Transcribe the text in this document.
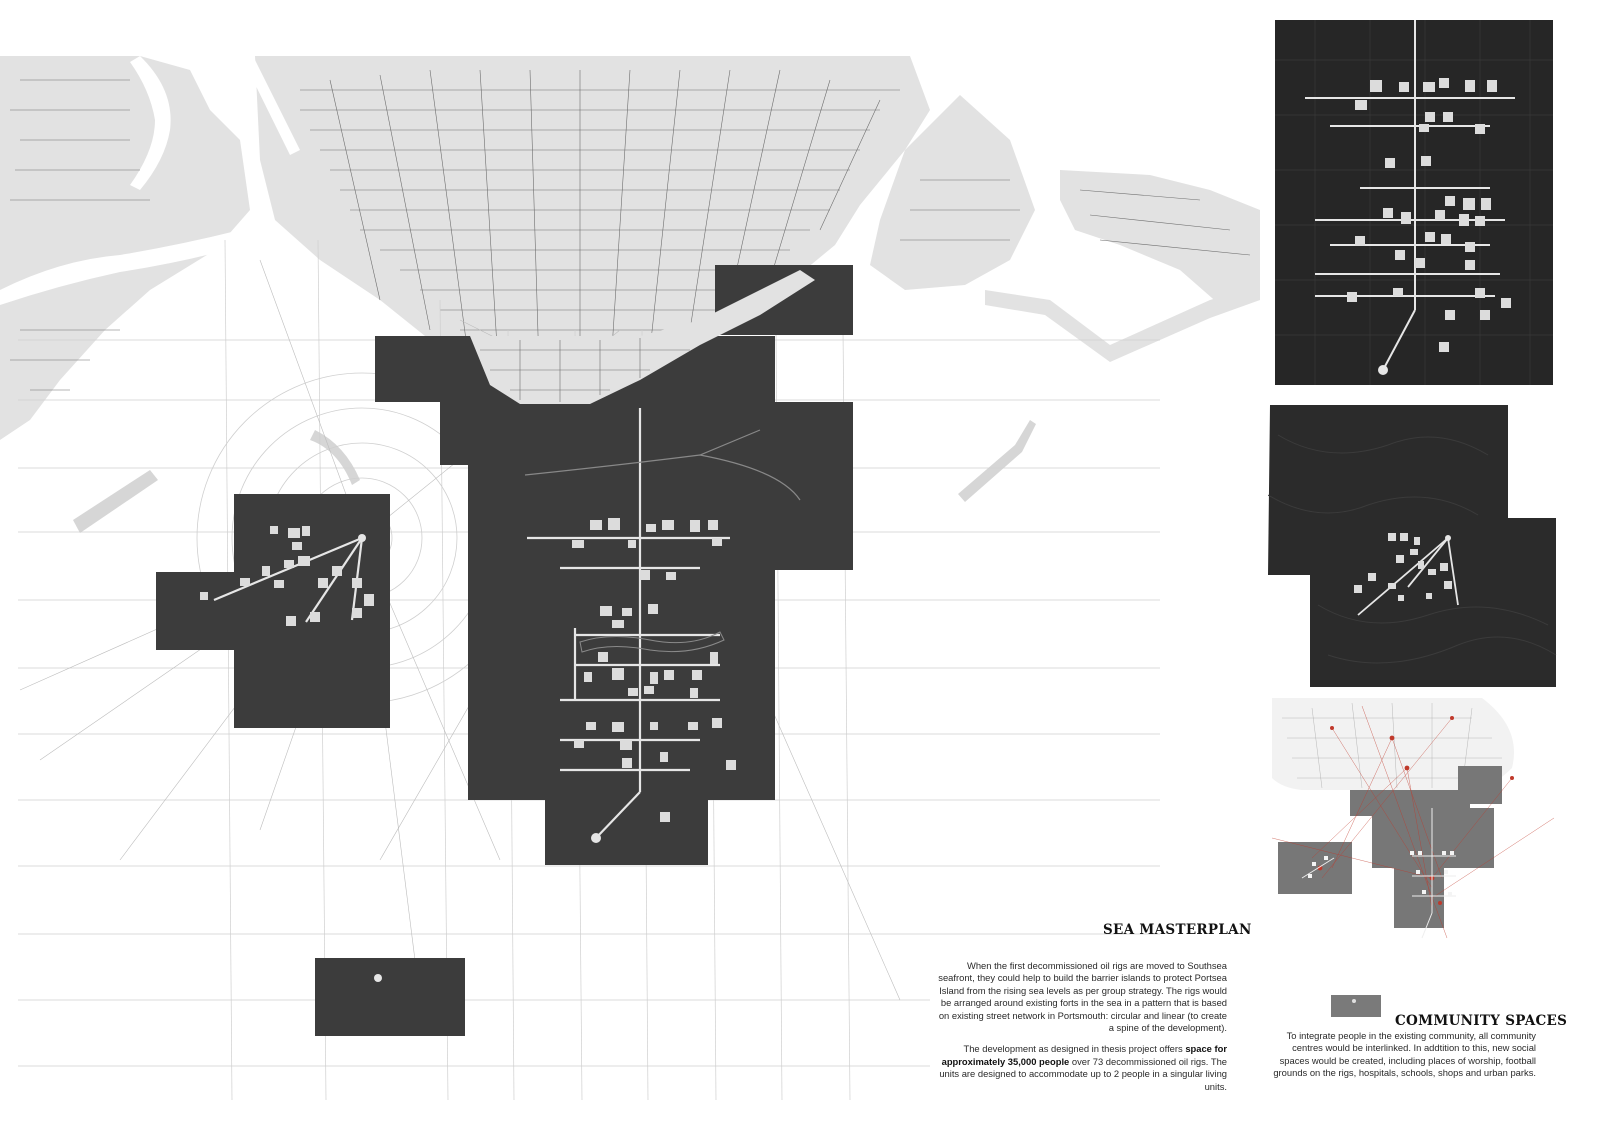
SEA MASTERPLAN

When the first decommissioned oil rigs are moved to Southsea seafront, they could help to build the barrier islands to protect Portsea Island from the rising sea levels as per group strategy. The rigs would be arranged around existing forts in the sea in a pattern that is based on existing street network in Portsmouth: circular and linear (to create a spine of the development).

The development as designed in thesis project offers space for approximately 35,000 people over 73 decommissioned oil rigs. The units are designed to accommodate up to 2 people in a singular living units.

COMMUNITY SPACES
To integrate people in the existing community, all community centres would be interlinked. In addtition to this, new social spaces would be created, including places of worship, football grounds on the rigs, hospitals, schools, shops and urban parks.
